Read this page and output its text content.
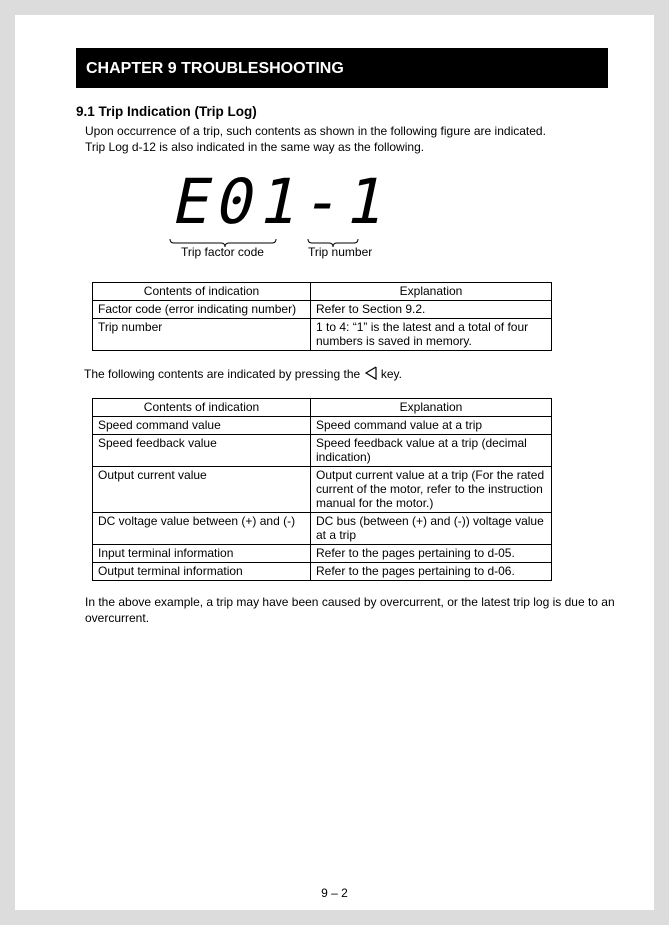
CHAPTER 9 TROUBLESHOOTING
9.1 Trip Indication (Trip Log)
Upon occurrence of a trip, such contents as shown in the following figure are indicated.
Trip Log d-12 is also indicated in the same way as the following.
E01-1
Trip factor code	Trip number
Contents of indication	Explanation
Factor code (error indicating number)	Refer to Section 9.2.
Trip number	1 to 4: “1” is the latest and a total of four numbers is saved in memory.
The following contents are indicated by pressing the key.
Contents of indication	Explanation
Speed command value	Speed command value at a trip
Speed feedback value	Speed feedback value at a trip (decimal indication)
Output current value	Output current value at a trip (For the rated current of the motor, refer to the instruction manual for the motor.)
DC voltage value between (+) and (-)	DC bus (between (+) and (-)) voltage value at a trip
Input terminal information	Refer to the pages pertaining to d-05.
Output terminal information	Refer to the pages pertaining to d-06.
In the above example, a trip may have been caused by overcurrent, or the latest trip log is due to an overcurrent.
9 – 2
